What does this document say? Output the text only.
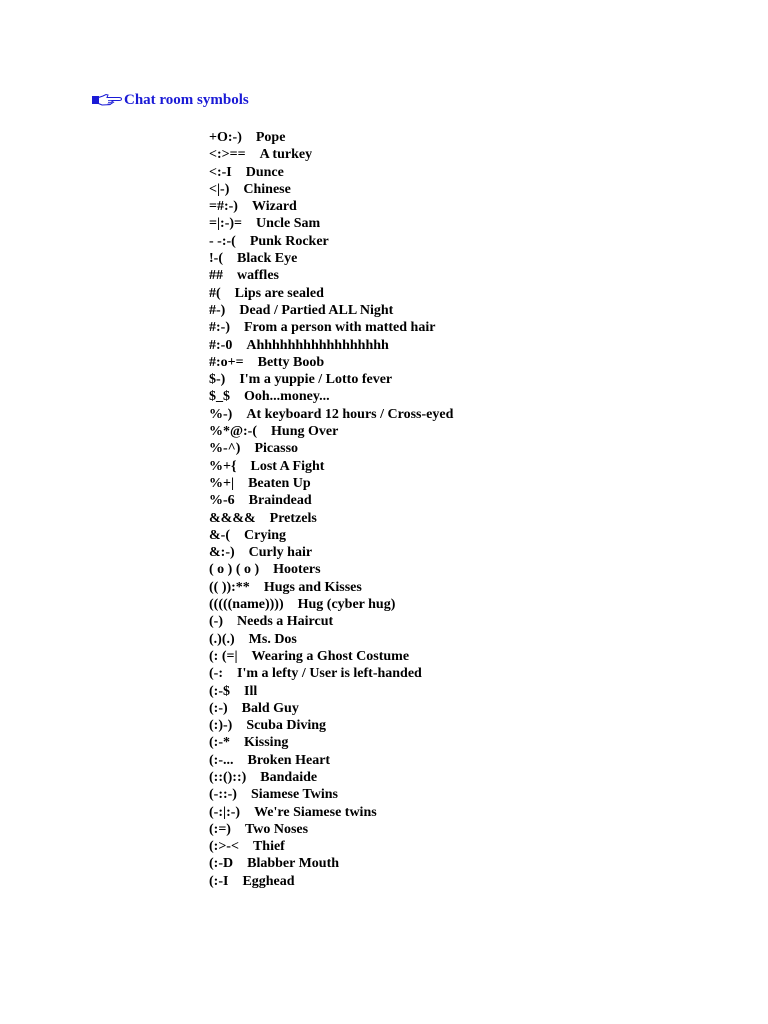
Chat room symbols
+O:-) Pope
<:>== A turkey
<:-I Dunce
<|-) Chinese
=#:-) Wizard
=|:-)= Uncle Sam
- -:-( Punk Rocker
!-( Black Eye
## waffles
#( Lips are sealed
#-) Dead / Partied ALL Night
#:-) From a person with matted hair
#:-0 Ahhhhhhhhhhhhhhhhh
#:o+= Betty Boob
$-) I'm a yuppie / Lotto fever
$_$ Ooh...money...
%-) At keyboard 12 hours / Cross-eyed
%*@:-( Hung Over
%-^) Picasso
%+{ Lost A Fight
%+| Beaten Up
%-6 Braindead
&&&& Pretzels
&-( Crying
&:-) Curly hair
( o ) ( o ) Hooters
(( )):** Hugs and Kisses
(((((name)))) Hug (cyber hug)
(-) Needs a Haircut
(.)(.) Ms. Dos
(: (=| Wearing a Ghost Costume
(-: I'm a lefty / User is left-handed
(:-$ Ill
(:-) Bald Guy
(:)-) Scuba Diving
(:-* Kissing
(:-... Broken Heart
(::()::) Bandaide
(-::-) Siamese Twins
(-:|:-) We're Siamese twins
(:=) Two Noses
(:>-< Thief
(:-D Blabber Mouth
(:-I Egghead
